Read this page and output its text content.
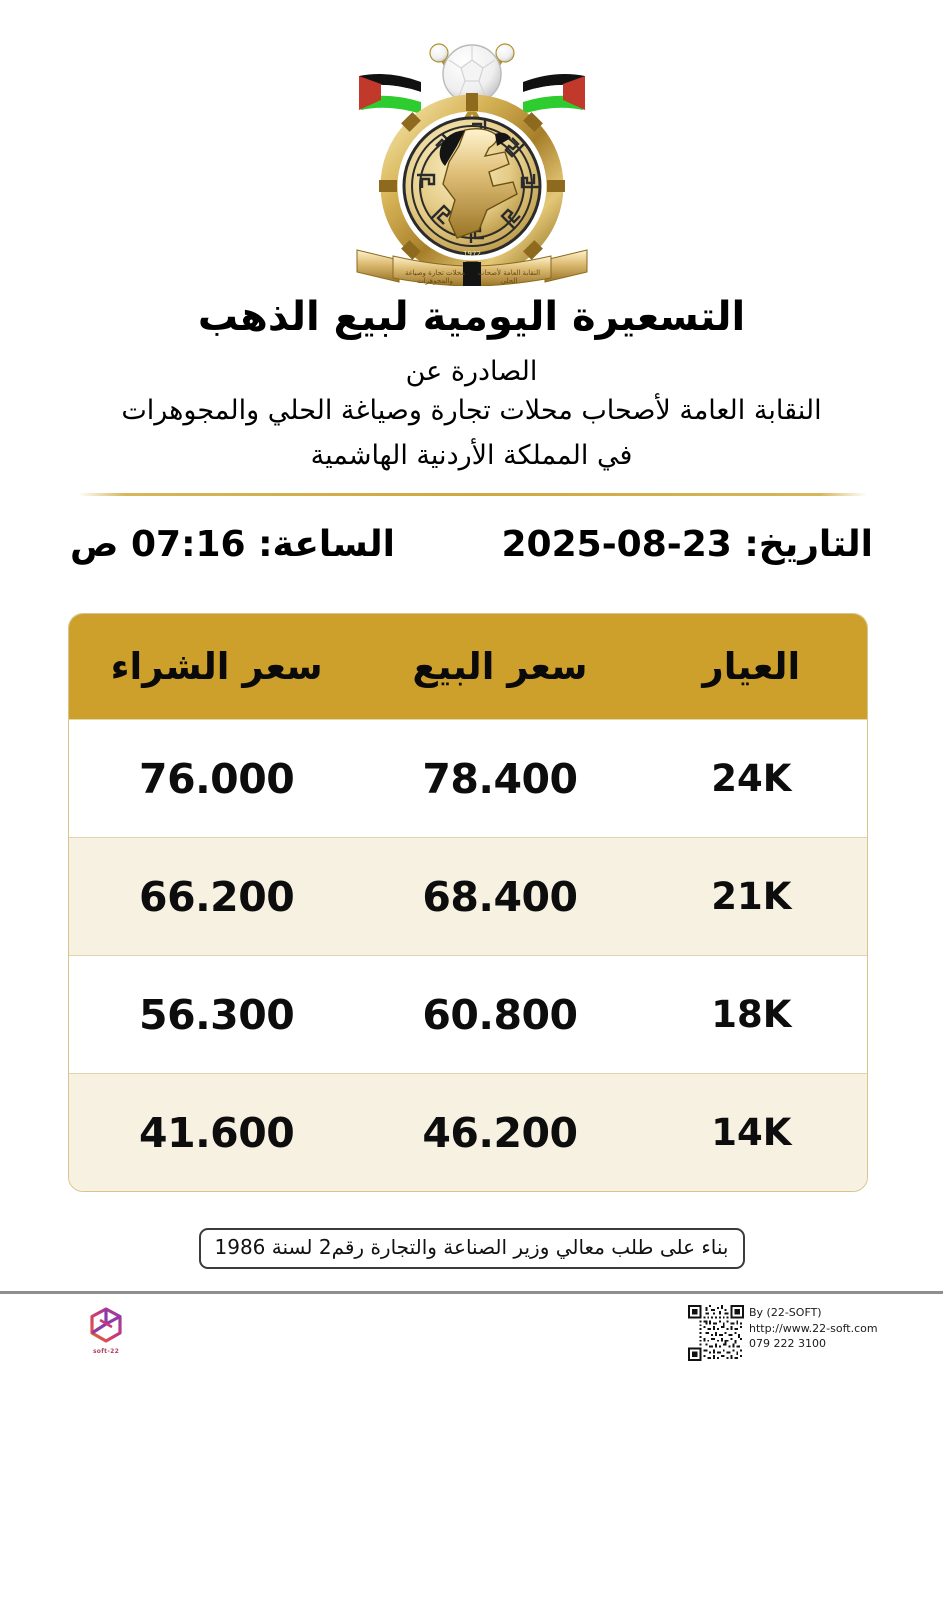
1972
النقابة العامة لأصحاب
الحلي
محلات تجارة وصياغة
والمجوهرات
التسعيرة اليومية لبيع الذهب
الصادرة عن
النقابة العامة لأصحاب محلات تجارة وصياغة الحلي والمجوهرات
في المملكة الأردنية الهاشمية
التاريخ: 23-08-2025
الساعة: 07:16 ص
العيار
سعر البيع
سعر الشراء
24K
78.400
76.000
21K
68.400
66.200
18K
60.800
56.300
14K
46.200
41.600
بناء على طلب معالي وزير الصناعة والتجارة رقم2 لسنة 1986
22-soft
By (22-SOFT)
http://www.22-soft.com
079 222 3100
